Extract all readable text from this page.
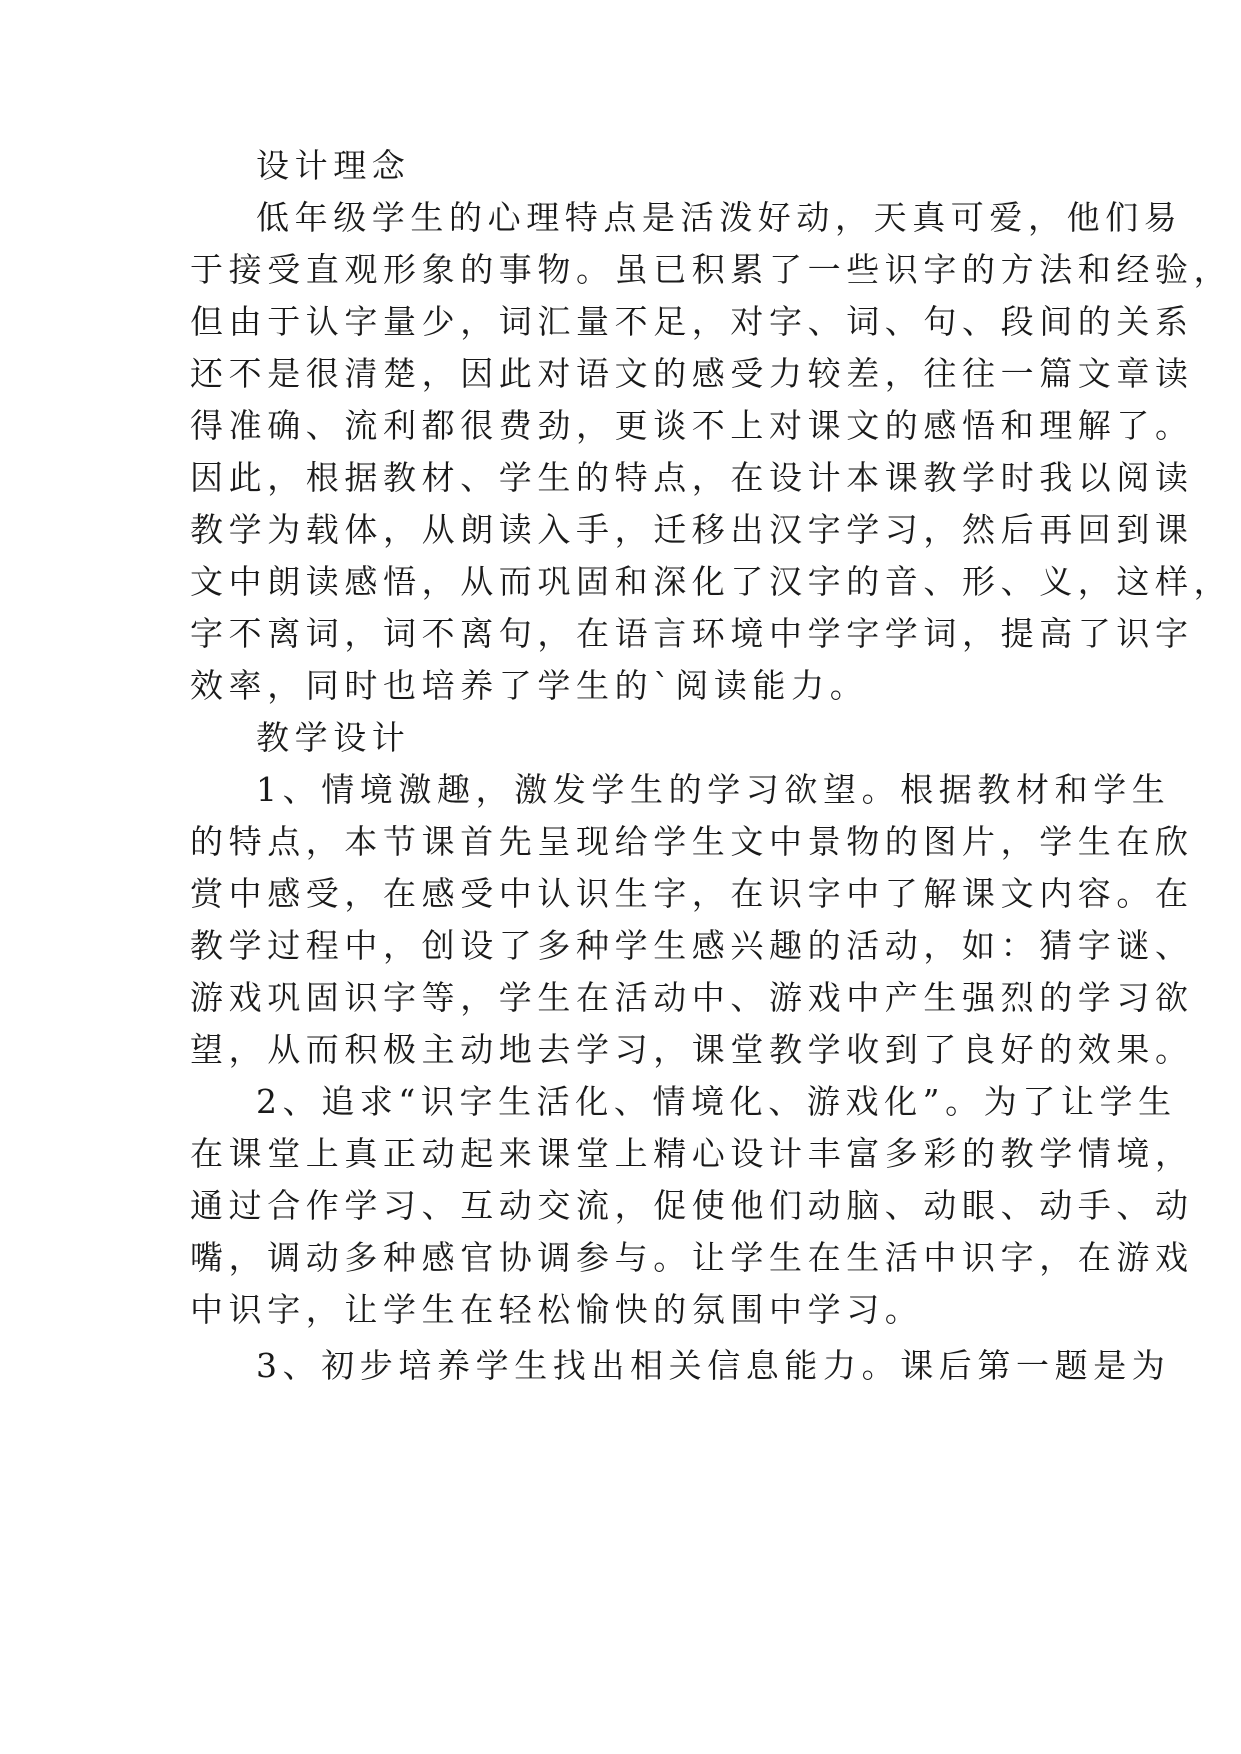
设计理念
低年级学生的心理特点是活泼好动，天真可爱，他们易
于接受直观形象的事物。虽已积累了一些识字的方法和经验，
但由于认字量少，词汇量不足，对字、词、句、段间的关系
还不是很清楚，因此对语文的感受力较差，往往一篇文章读
得准确、流利都很费劲，更谈不上对课文的感悟和理解了。
因此，根据教材、学生的特点，在设计本课教学时我以阅读
教学为载体，从朗读入手，迁移出汉字学习，然后再回到课
文中朗读感悟，从而巩固和深化了汉字的音、形、义，这样，
字不离词，词不离句，在语言环境中学字学词，提高了识字
效率，同时也培养了学生的`阅读能力。
教学设计
1、情境激趣，激发学生的学习欲望。根据教材和学生
的特点，本节课首先呈现给学生文中景物的图片，学生在欣
赏中感受，在感受中认识生字，在识字中了解课文内容。在
教学过程中，创设了多种学生感兴趣的活动，如：猜字谜、
游戏巩固识字等，学生在活动中、游戏中产生强烈的学习欲
望，从而积极主动地去学习，课堂教学收到了良好的效果。
2、追求“识字生活化、情境化、游戏化”。为了让学生
在课堂上真正动起来课堂上精心设计丰富多彩的教学情境，
通过合作学习、互动交流，促使他们动脑、动眼、动手、动
嘴，调动多种感官协调参与。让学生在生活中识字，在游戏
中识字，让学生在轻松愉快的氛围中学习。
3、初步培养学生找出相关信息能力。课后第一题是为
